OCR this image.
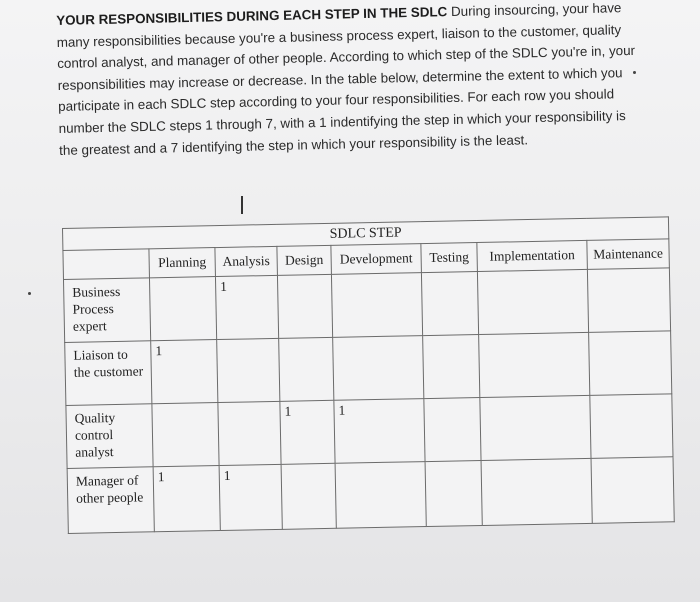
YOUR RESPONSIBILITIES DURING EACH STEP IN THE SDLC During insourcing, your have many responsibilities because you're a business process expert, liaison to the customer, quality control analyst, and manager of other people. According to which step of the SDLC you're in, your responsibilities may increase or decrease. In the table below, determine the extent to which you participate in each SDLC step according to your four responsibilities. For each row you should number the SDLC steps 1 through 7, with a 1 indentifying the step in which your responsibility is the greatest and a 7 identifying the step in which your responsibility is the least.
SDLC STEP							
	Planning	Analysis	Design	Development	Testing	Implementation	Maintenance
Business Process expert		1					
Liaison to the customer	1						
Quality control analyst			1	1			
Manager of other people	1	1					
